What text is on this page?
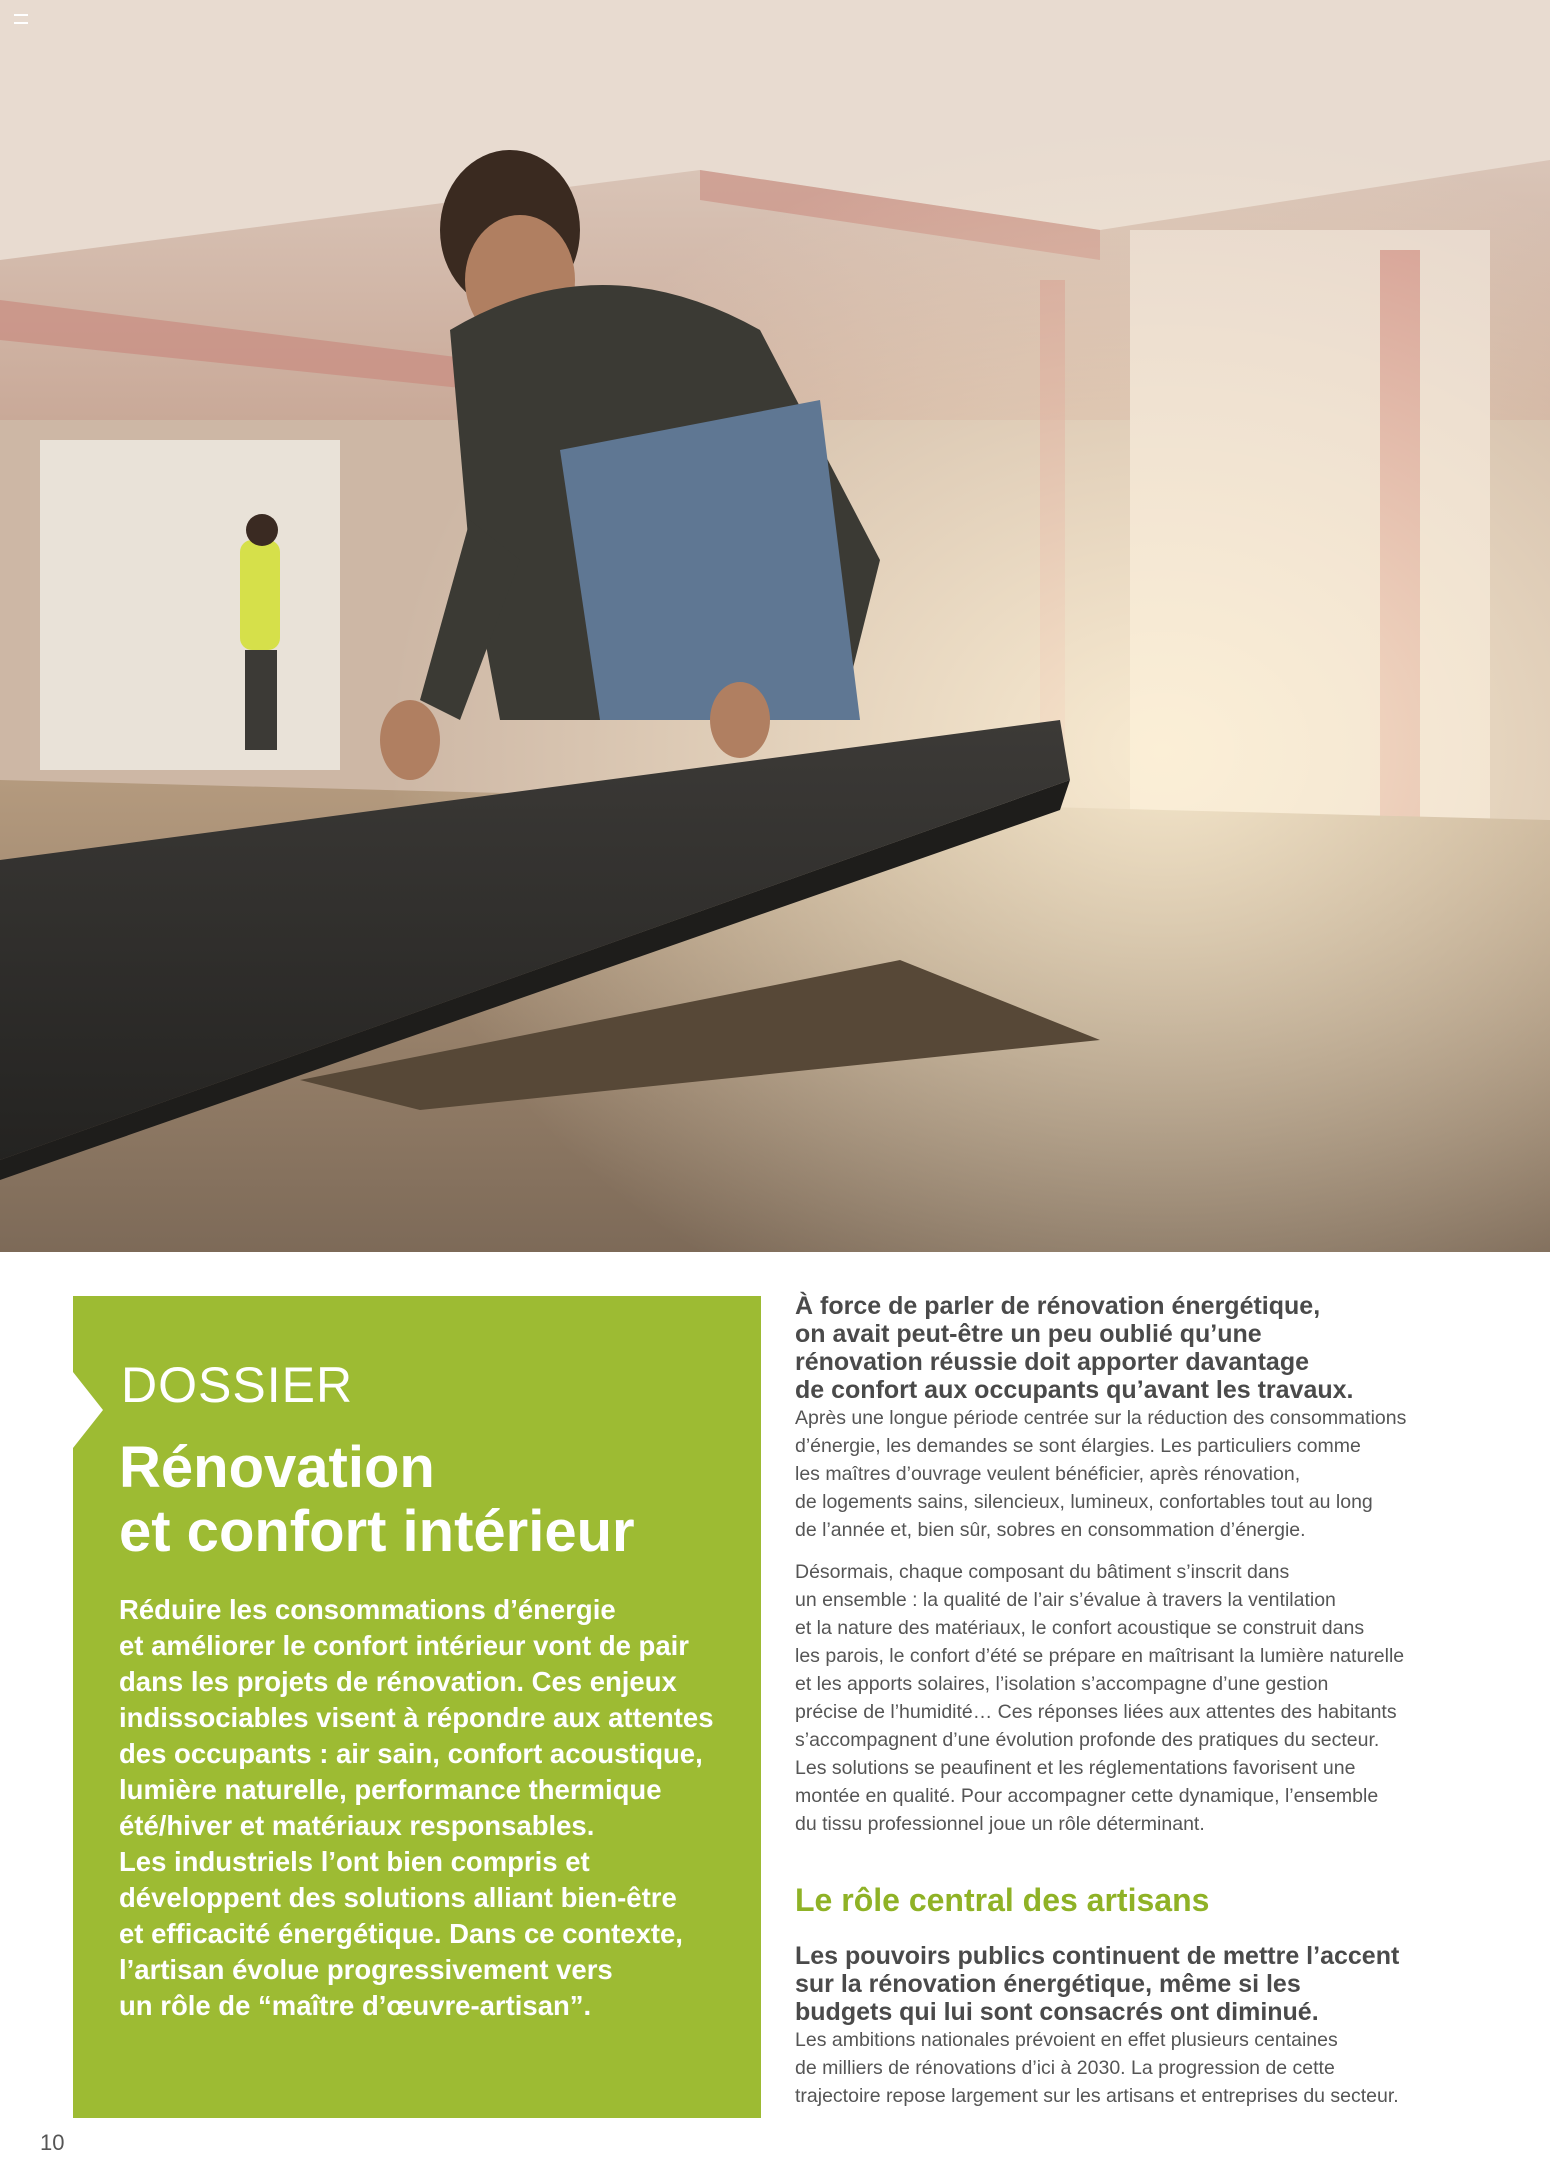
DOSSIER
Rénovation
et confort intérieur
Réduire les consommations d’énergie
et améliorer le confort intérieur vont de pair
dans les projets de rénovation. Ces enjeux
indissociables visent à répondre aux attentes
des occupants : air sain, confort acoustique,
lumière naturelle, performance thermique
été/hiver et matériaux responsables.
Les industriels l’ont bien compris et
développent des solutions alliant bien-être
et efficacité énergétique. Dans ce contexte,
l’artisan évolue progressivement vers
un rôle de “maître d’œuvre-artisan”.
À force de parler de rénovation énergétique,
on avait peut-être un peu oublié qu’une
rénovation réussie doit apporter davantage
de confort aux occupants qu’avant les travaux.
Après une longue période centrée sur la réduction des consommations
d’énergie, les demandes se sont élargies. Les particuliers comme
les maîtres d’ouvrage veulent bénéficier, après rénovation,
de logements sains, silencieux, lumineux, confortables tout au long
de l’année et, bien sûr, sobres en consommation d’énergie.
Désormais, chaque composant du bâtiment s’inscrit dans
un ensemble : la qualité de l’air s’évalue à travers la ventilation
et la nature des matériaux, le confort acoustique se construit dans
les parois, le confort d’été se prépare en maîtrisant la lumière naturelle
et les apports solaires, l’isolation s’accompagne d’une gestion
précise de l’humidité… Ces réponses liées aux attentes des habitants
s’accompagnent d’une évolution profonde des pratiques du secteur.
Les solutions se peaufinent et les réglementations favorisent une
montée en qualité. Pour accompagner cette dynamique, l’ensemble
du tissu professionnel joue un rôle déterminant.
Le rôle central des artisans
Les pouvoirs publics continuent de mettre l’accent
sur la rénovation énergétique, même si les
budgets qui lui sont consacrés ont diminué.
Les ambitions nationales prévoient en effet plusieurs centaines
de milliers de rénovations d’ici à 2030. La progression de cette
trajectoire repose largement sur les artisans et entreprises du secteur.
10
